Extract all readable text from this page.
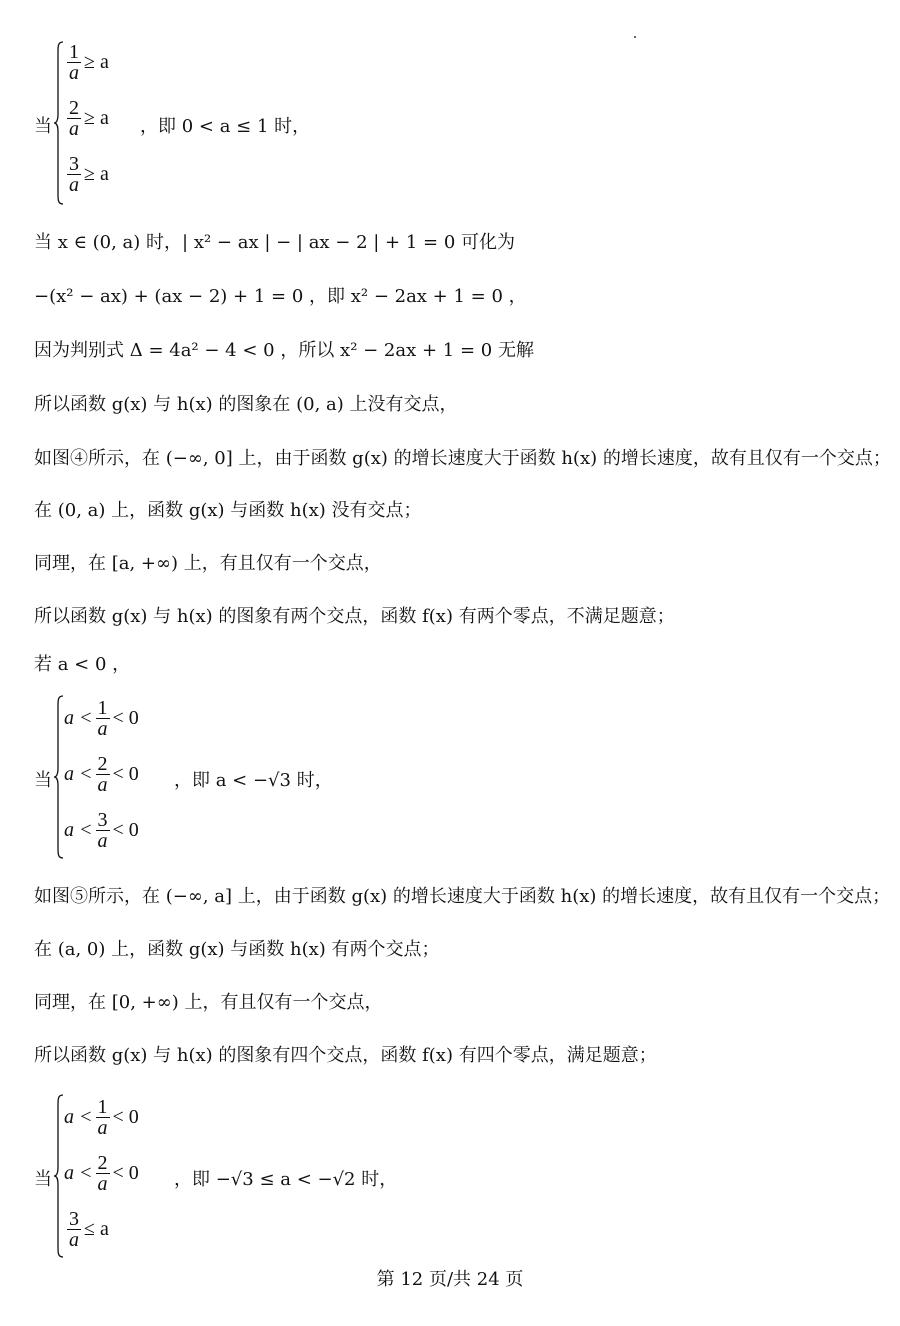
当
$\frac{1}{a} \ge a$
$\frac{2}{a} \ge a$
$\frac{3}{a} \ge a$
，即 0 < a ≤ 1 时，
当 x ∈ (0, a) 时，| x² − ax | − | ax − 2 | + 1 = 0 可化为
−(x² − ax) + (ax − 2) + 1 = 0 ，即 x² − 2ax + 1 = 0 ，
因为判别式 Δ = 4a² − 4 < 0 ，所以 x² − 2ax + 1 = 0 无解
所以函数 g(x) 与 h(x) 的图象在 (0, a) 上没有交点，
如图④所示，在 (−∞, 0] 上，由于函数 g(x) 的增长速度大于函数 h(x) 的增长速度，故有且仅有一个交点；
在 (0, a) 上，函数 g(x) 与函数 h(x) 没有交点；
同理，在 [a, +∞) 上，有且仅有一个交点，
所以函数 g(x) 与 h(x) 的图象有两个交点，函数 f(x) 有两个零点，不满足题意；
若 a < 0 ，
当
$a < \frac{1}{a} < 0$
$a < \frac{2}{a} < 0$
$a < \frac{3}{a} < 0$
，即 a < −√3 时，
如图⑤所示，在 (−∞, a] 上，由于函数 g(x) 的增长速度大于函数 h(x) 的增长速度，故有且仅有一个交点；
在 (a, 0) 上，函数 g(x) 与函数 h(x) 有两个交点；
同理，在 [0, +∞) 上，有且仅有一个交点，
所以函数 g(x) 与 h(x) 的图象有四个交点，函数 f(x) 有四个零点，满足题意；
当
$a < \frac{1}{a} < 0$
$a < \frac{2}{a} < 0$
$\frac{3}{a} \le a$
，即 −√3 ≤ a < −√2 时，
第 12 页/共 24 页
